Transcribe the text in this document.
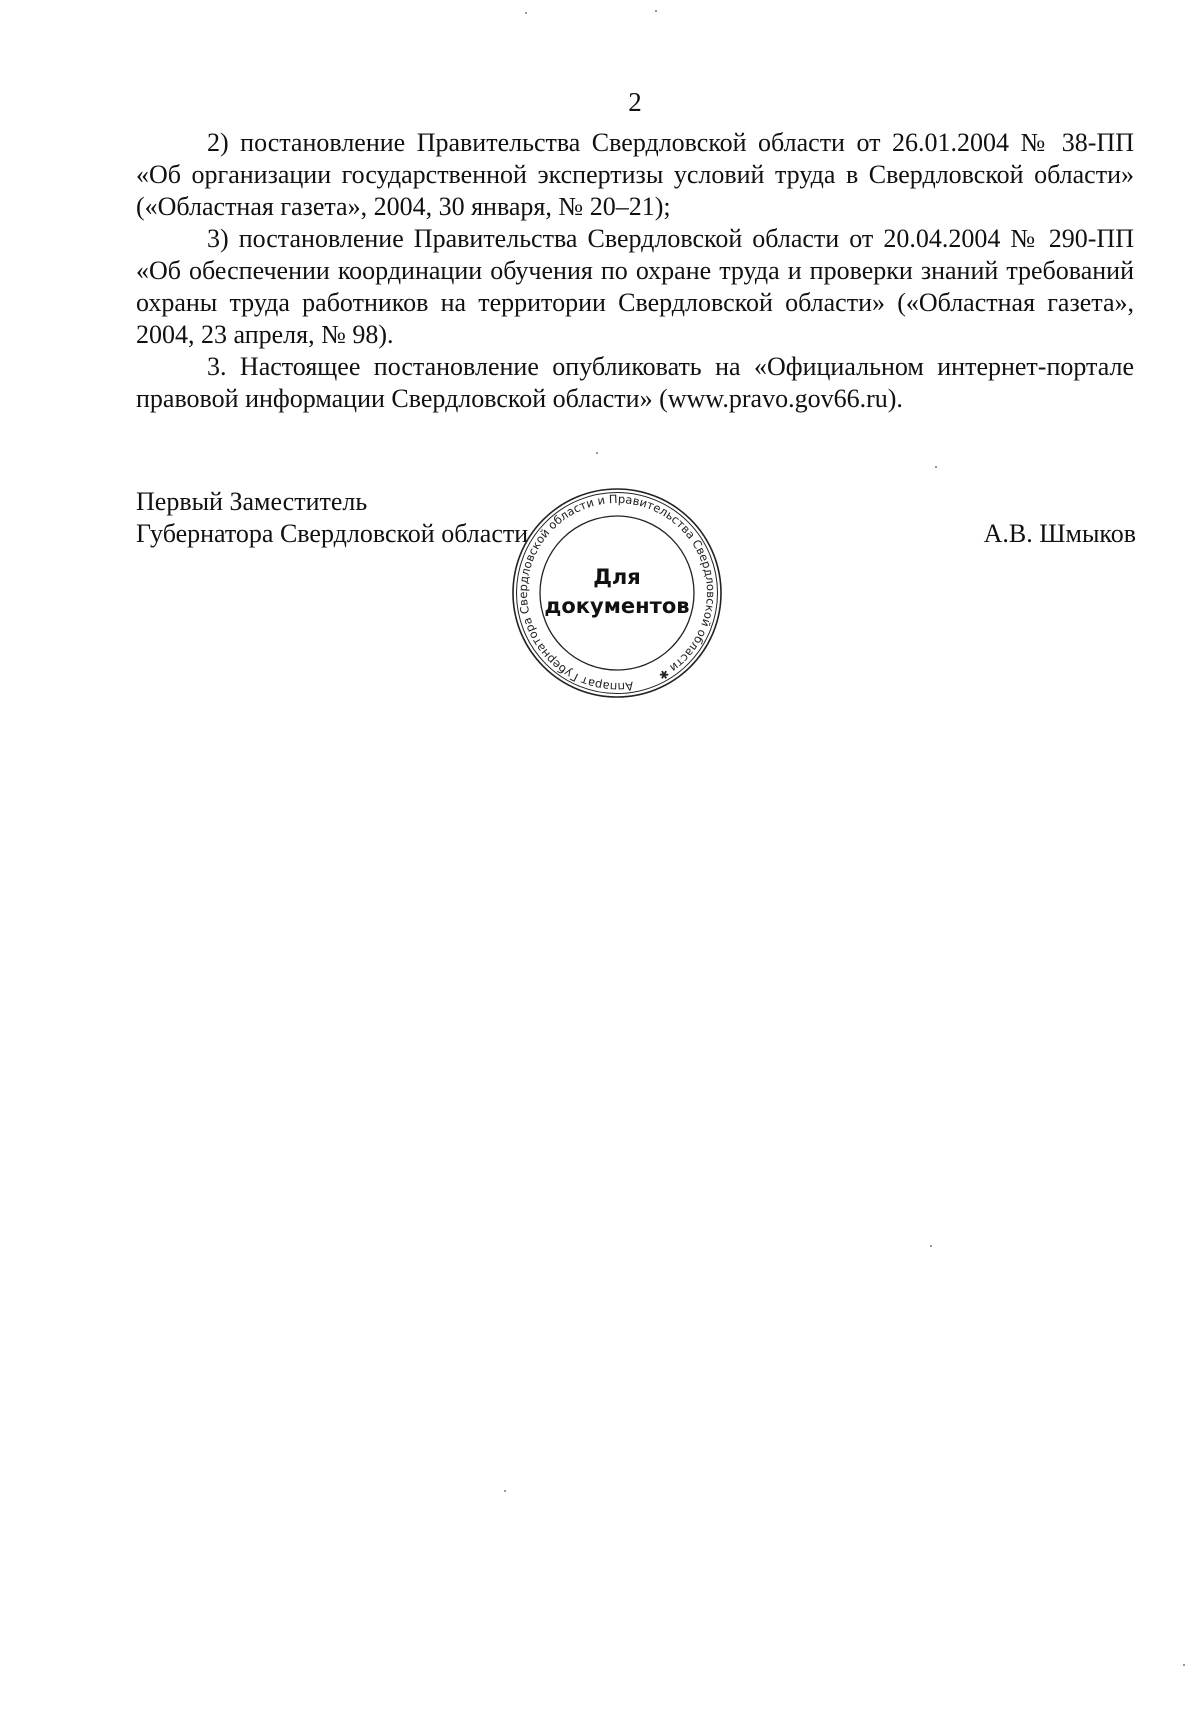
2

2) постановление Правительства Свердловской области от 26.01.2004 № 38-ПП «Об организации государственной экспертизы условий труда в Свердловской области» («Областная газета», 2004, 30 января, № 20–21);

3) постановление Правительства Свердловской области от 20.04.2004 № 290-ПП «Об обеспечении координации обучения по охране труда и проверки знаний требований охраны труда работников на территории Свердловской области» («Областная газета», 2004, 23 апреля, № 98).

3. Настоящее постановление опубликовать на «Официальном интернет-портале правовой информации Свердловской области» (www.pravo.gov66.ru).

Первый Заместитель
Губернатора Свердловской области	А.В. Шмыков
Аппарат Губернатора Свердловской области и Правительства Свердловской области ✱
Для
документов
